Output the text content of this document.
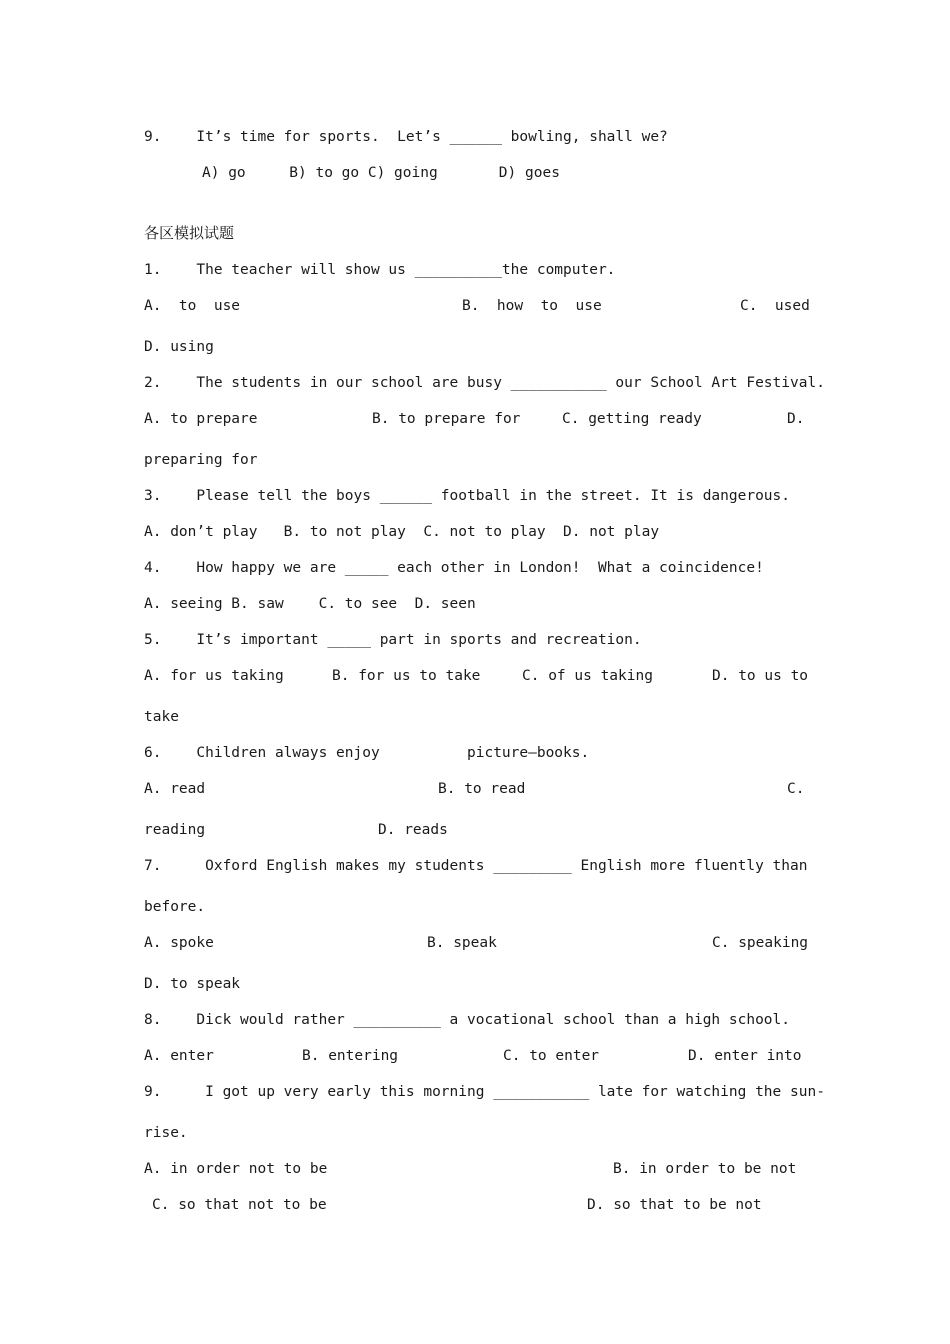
9.    It’s time for sports.  Let’s ______ bowling, shall we?
A) go     B) to go C) going       D) goes
各区模拟试题
1.    The teacher will show us __________the computer.
A.  to  use	B.  how  to  use	C.  used
D. using
2.    The students in our school are busy ___________ our School Art Festival.
A. to prepare	B. to prepare for	C. getting ready	D.
preparing for
3.    Please tell the boys ______ football in the street. It is dangerous.
A. don’t play   B. to not play  C. not to play  D. not play
4.    How happy we are _____ each other in London!  What a coincidence!
A. seeing B. saw    C. to see  D. seen
5.    It’s important _____ part in sports and recreation.
A. for us taking	B. for us to take	C. of us taking	D. to us to
take
6.    Children always enjoy          picture—books.
A. read	B. to read	C.
reading	D. reads
7.     Oxford English makes my students _________ English more fluently than
before.
A. spoke	B. speak	C. speaking
D. to speak
8.    Dick would rather __________ a vocational school than a high school.
A. enter	B. entering	C. to enter	D. enter into
9.     I got up very early this morning ___________ late for watching the sun-
rise.
A. in order not to be	B. in order to be not
C. so that not to be	D. so that to be not
